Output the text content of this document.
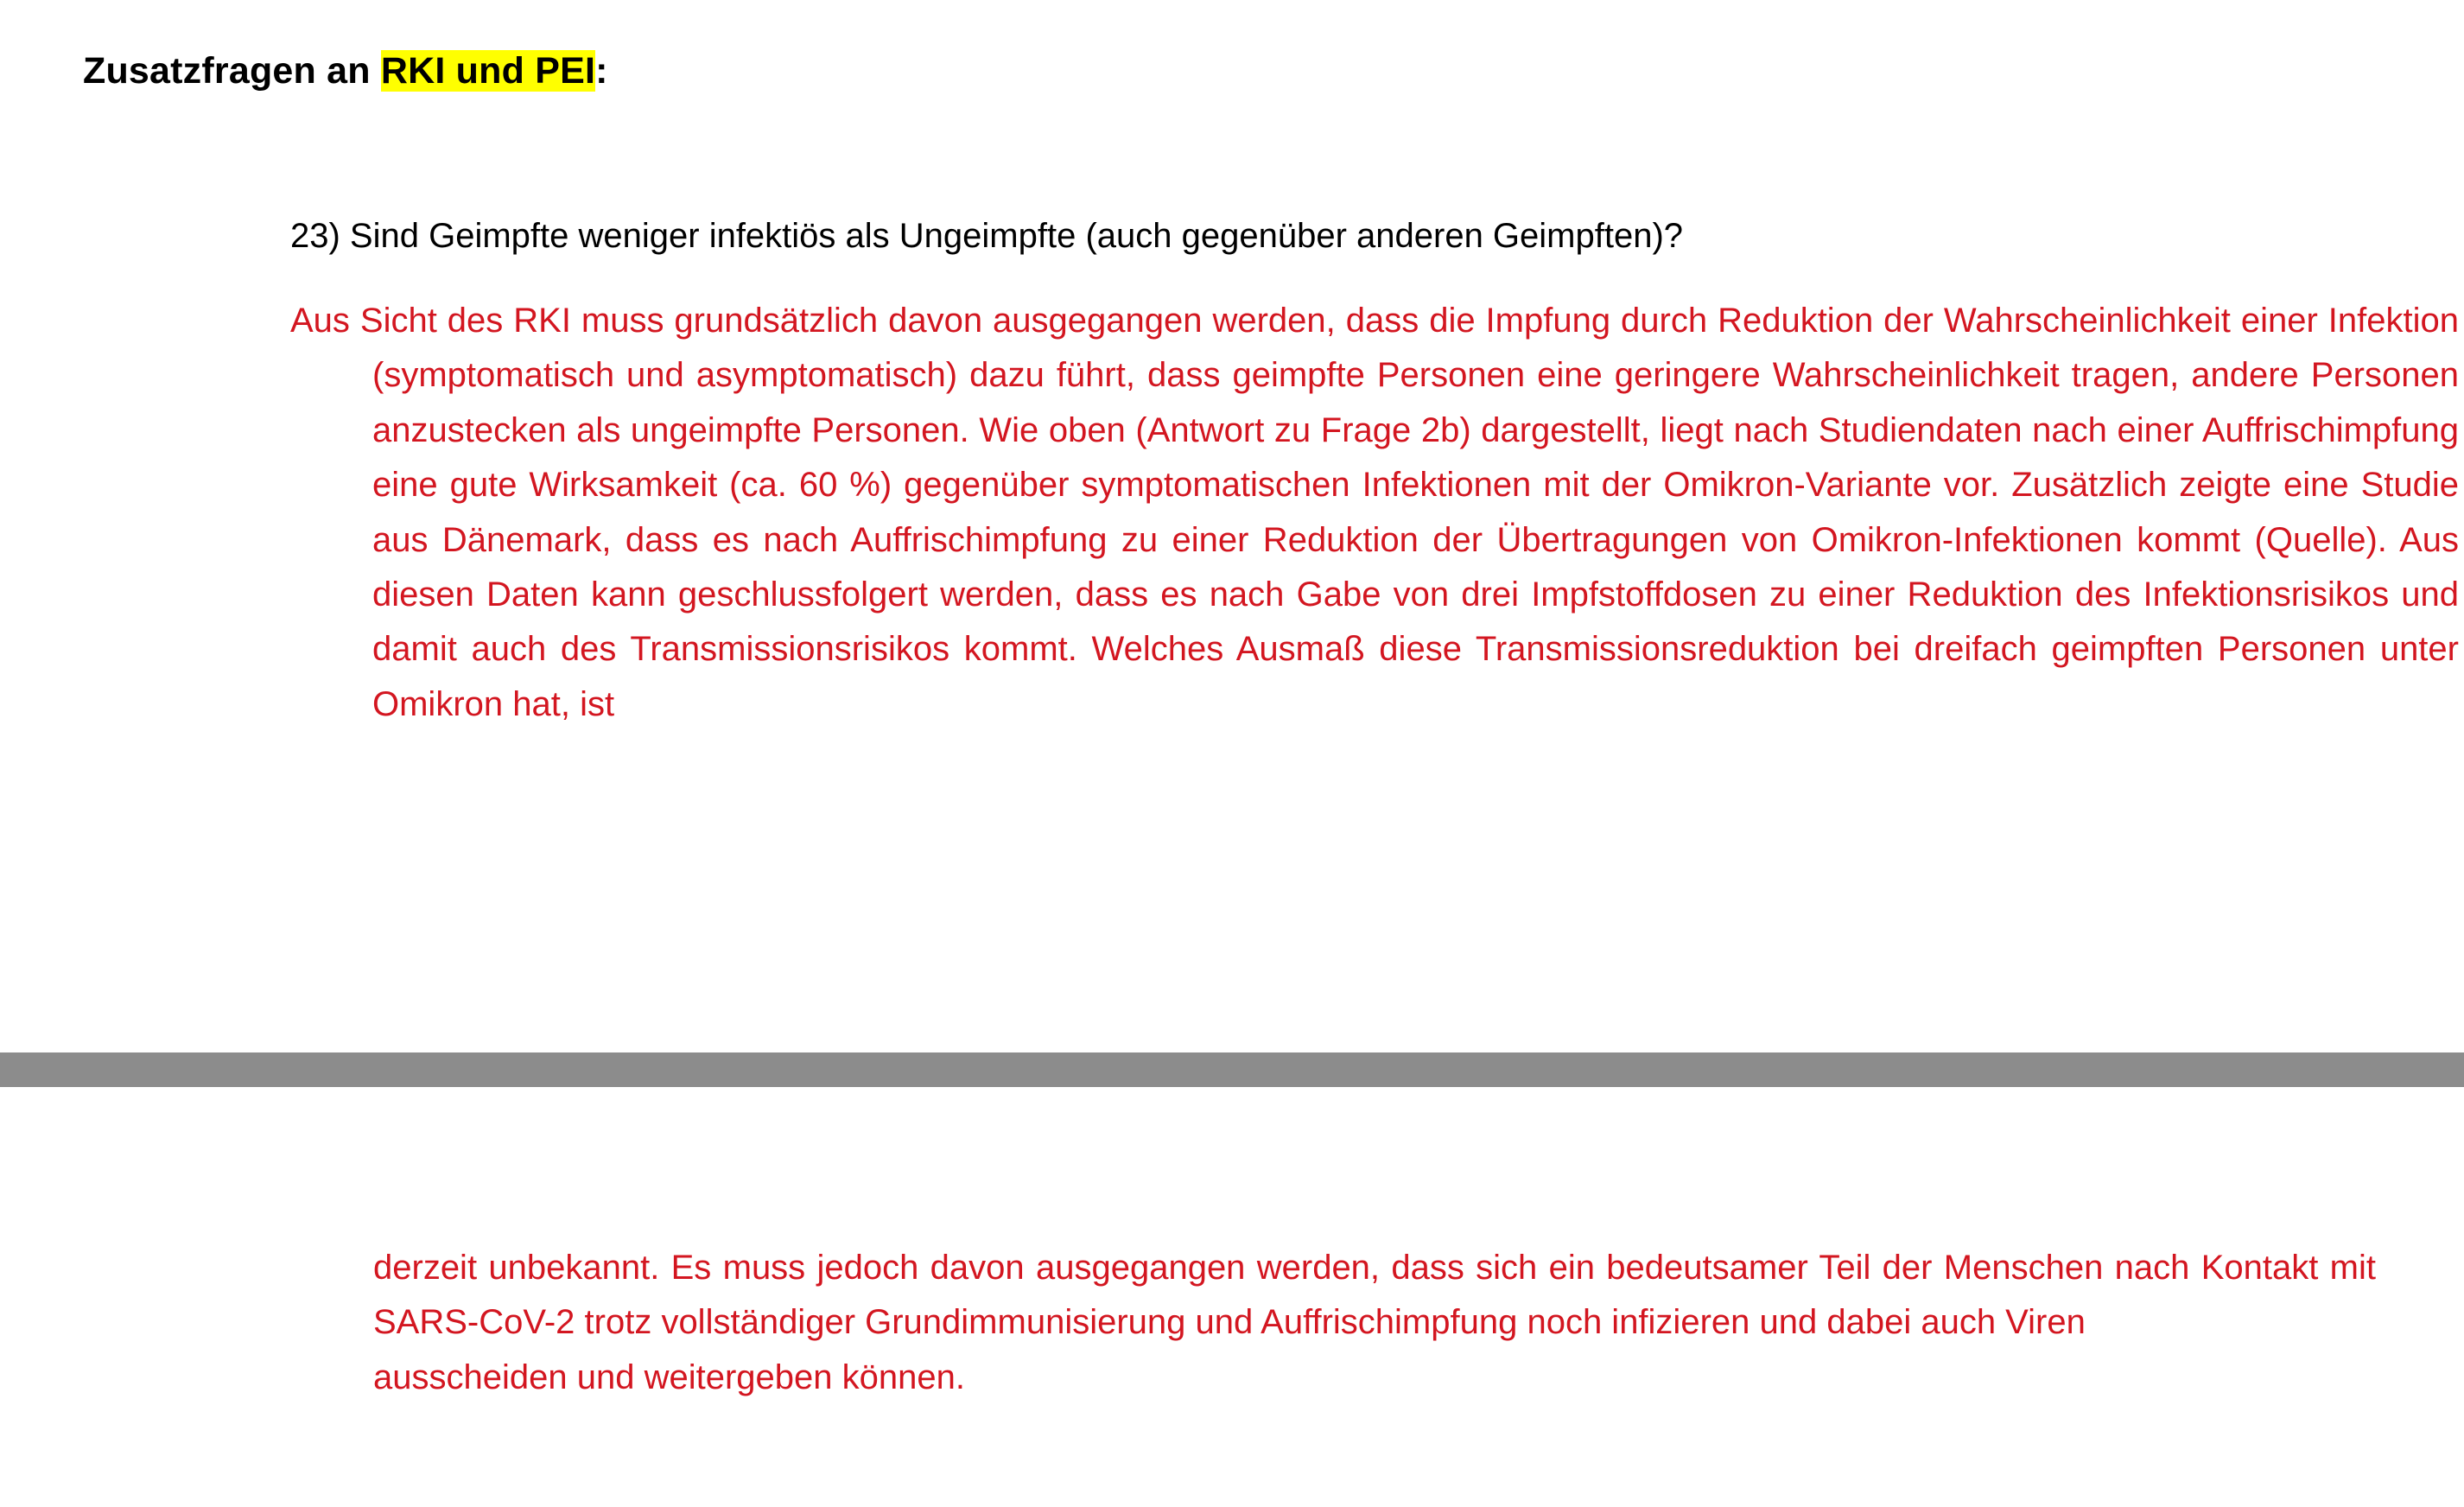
Zusatzfragen an RKI und PEI:
23) Sind Geimpfte weniger infektiös als Ungeimpfte (auch gegenüber anderen Geimpften)?
Aus Sicht des RKI muss grundsätzlich davon ausgegangen werden, dass die Impfung durch Reduktion der Wahrscheinlichkeit einer Infektion (symptomatisch und asymptomatisch) dazu führt, dass geimpfte Personen eine geringere Wahrscheinlichkeit tragen, andere Personen anzustecken als ungeimpfte Personen. Wie oben (Antwort zu Frage 2b) dargestellt, liegt nach Studiendaten nach einer Auffrischimpfung eine gute Wirksamkeit (ca. 60 %) gegenüber symptomatischen Infektionen mit der Omikron-Variante vor. Zusätzlich zeigte eine Studie aus Dänemark, dass es nach Auffrischimpfung zu einer Reduktion der Übertragungen von Omikron-Infektionen kommt (Quelle). Aus diesen Daten kann geschlussfolgert werden, dass es nach Gabe von drei Impfstoffdosen zu einer Reduktion des Infektionsrisikos und damit auch des Transmissionsrisikos kommt. Welches Ausmaß diese Transmissionsreduktion bei dreifach geimpften Personen unter Omikron hat, ist
derzeit unbekannt. Es muss jedoch davon ausgegangen werden, dass sich ein bedeutsamer Teil der Menschen nach Kontakt mit SARS-CoV-2 trotz vollständiger Grundimmunisierung und Auffrischimpfung noch infizieren und dabei auch Viren
ausscheiden und weitergeben können.
